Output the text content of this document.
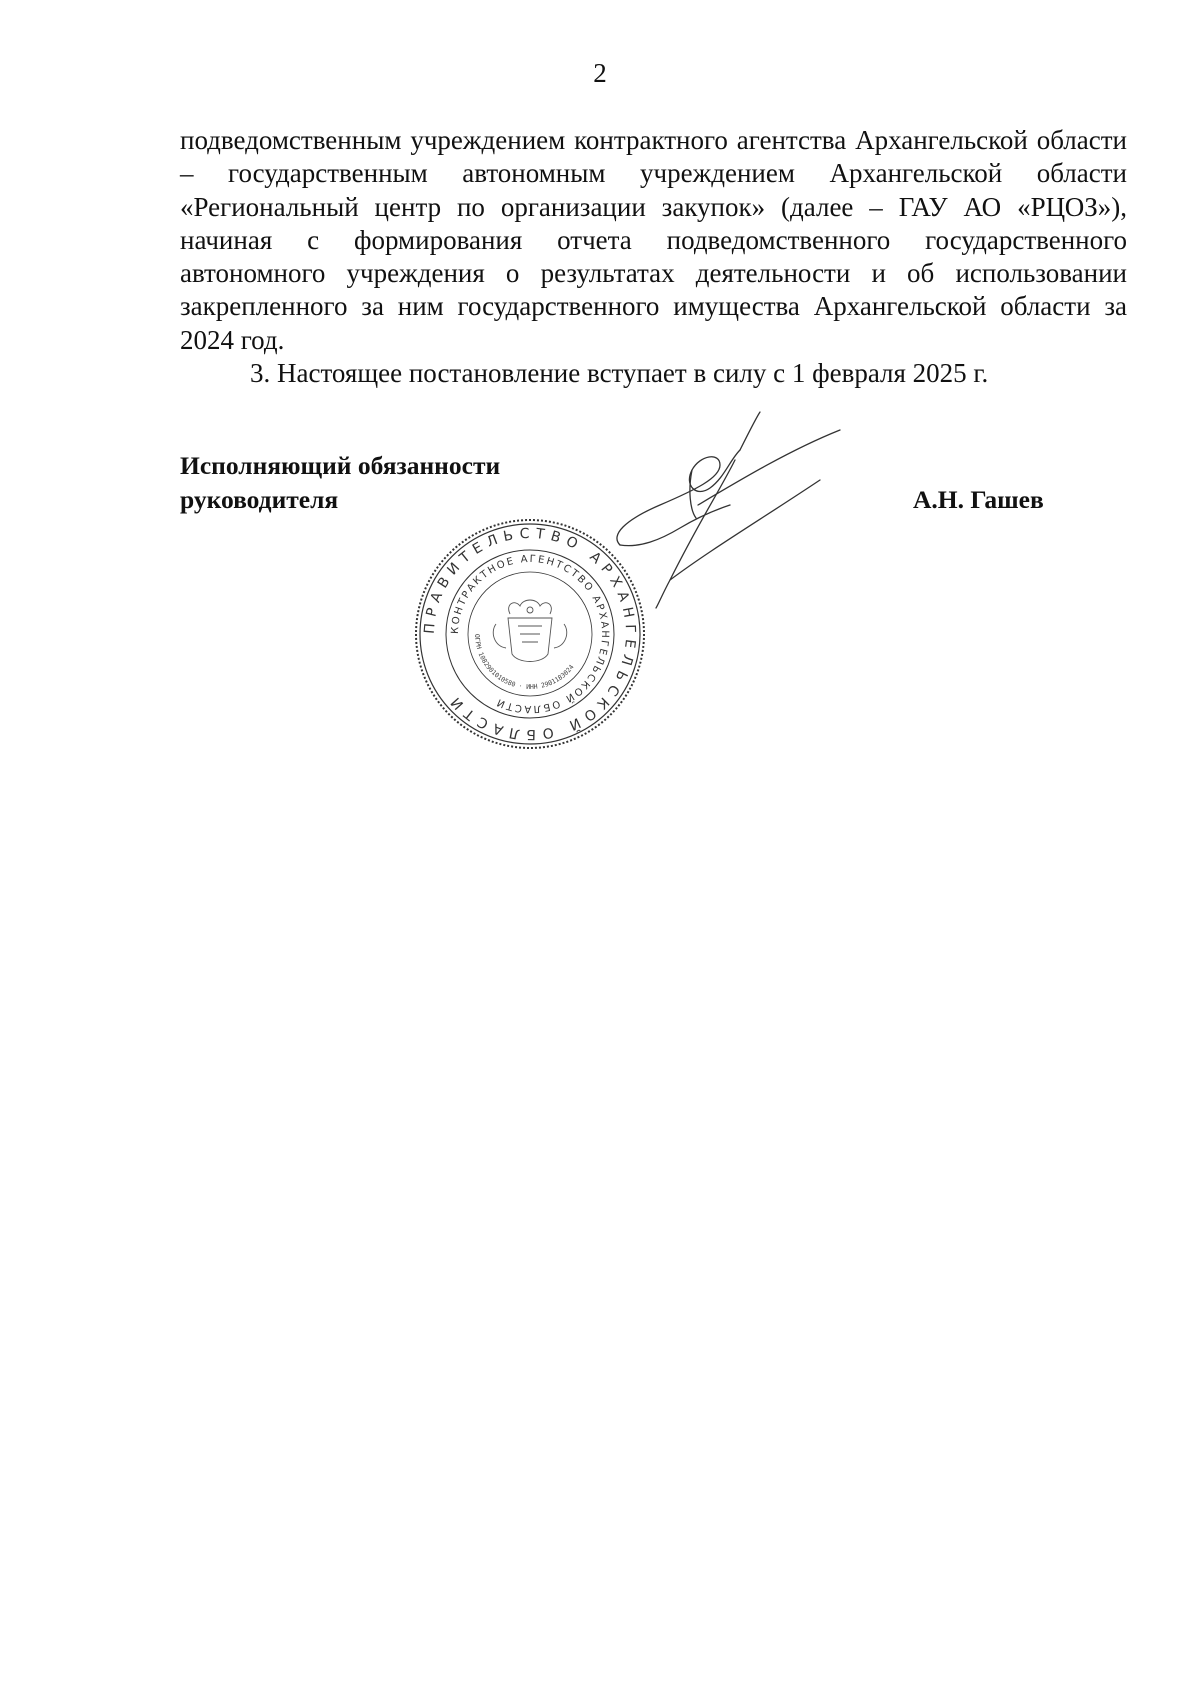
2

подведомственным учреждением контрактного агентства Архангельской области – государственным автономным учреждением Архангельской области «Региональный центр по организации закупок» (далее – ГАУ АО «РЦОЗ»), начиная с формирования отчета подведомственного государственного автономного учреждения о результатах деятельности и об использовании закрепленного за ним государственного имущества Архангельской области за 2024 год.

3. Настоящее постановление вступает в силу с 1 февраля 2025 г.

ПРАВИТЕЛЬСТВО АРХАНГЕЛЬСКОЙ ОБЛАСТИ
КОНТРАКТНОЕ АГЕНТСТВО АРХАНГЕЛЬСКОЙ ОБЛАСТИ
ОГРН 1082901010580 · ИНН 2901183024
Исполняющий обязанности
руководителя	А.Н. Гашев
